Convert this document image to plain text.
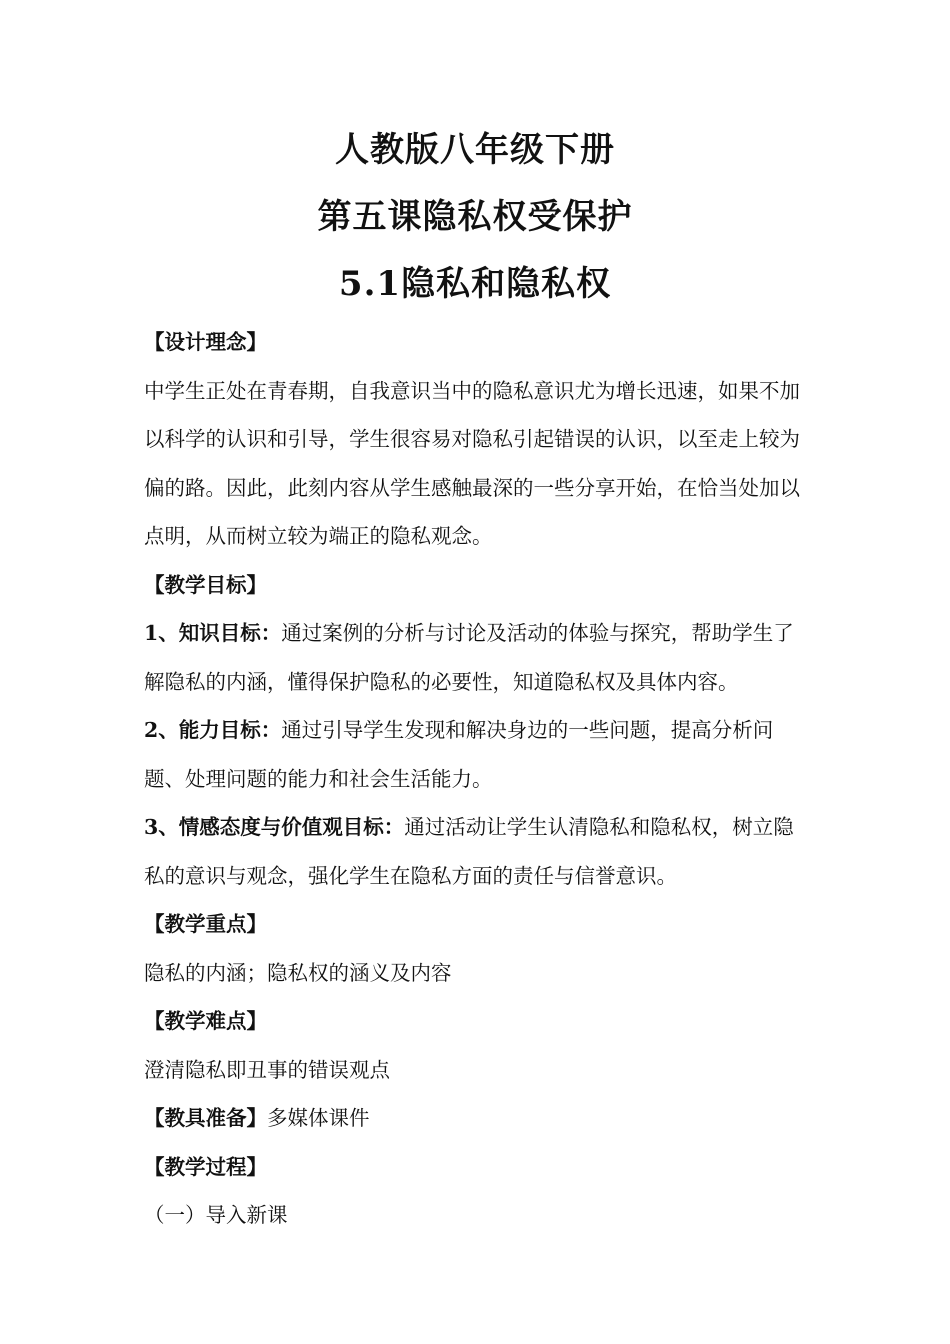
人教版八年级下册
第五课隐私权受保护
5.1隐私和隐私权

【设计理念】

中学生正处在青春期，自我意识当中的隐私意识尤为增长迅速，如果不加以科学的认识和引导，学生很容易对隐私引起错误的认识，以至走上较为偏的路。因此，此刻内容从学生感触最深的一些分享开始，在恰当处加以点明，从而树立较为端正的隐私观念。

【教学目标】

1、知识目标：通过案例的分析与讨论及活动的体验与探究，帮助学生了解隐私的内涵，懂得保护隐私的必要性，知道隐私权及具体内容。

2、能力目标：通过引导学生发现和解决身边的一些问题，提高分析问题、处理问题的能力和社会生活能力。

3、情感态度与价值观目标：通过活动让学生认清隐私和隐私权，树立隐私的意识与观念，强化学生在隐私方面的责任与信誉意识。

【教学重点】

隐私的内涵；隐私权的涵义及内容

【教学难点】

澄清隐私即丑事的错误观点

【教具准备】多媒体课件

【教学过程】

（一）导入新课
